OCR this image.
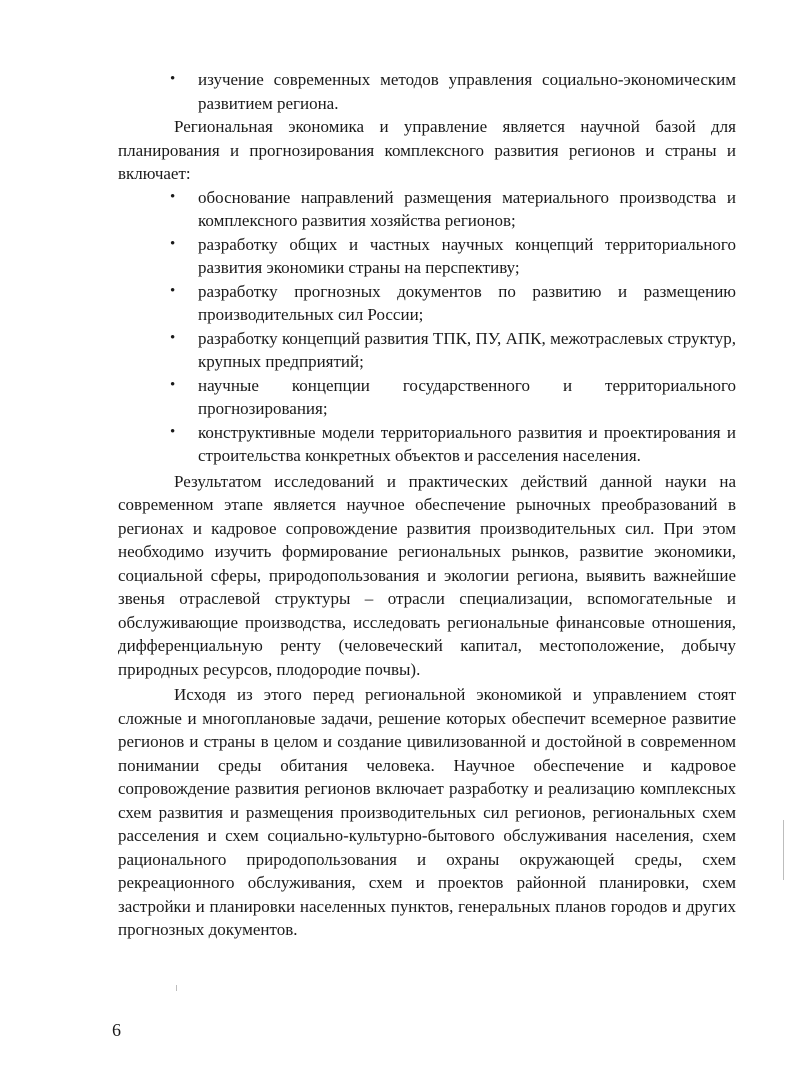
• изучение современных методов управления социально-экономическим развитием региона.

Региональная экономика и управление является научной базой для планирования и прогнозирования комплексного развития регионов и страны и включает:

• обоснование направлений размещения материального производства и комплексного развития хозяйства регионов;
• разработку общих и частных научных концепций территориального развития экономики страны на перспективу;
• разработку прогнозных документов по развитию и размещению производительных сил России;
• разработку концепций развития ТПК, ПУ, АПК, межотраслевых структур, крупных предприятий;
• научные концепции государственного и территориального прогнозирования;
• конструктивные модели территориального развития и проектирования и строительства конкретных объектов и расселения населения.

Результатом исследований и практических действий данной науки на современном этапе является научное обеспечение рыночных преобразований в регионах и кадровое сопровождение развития производительных сил. При этом необходимо изучить формирование региональных рынков, развитие экономики, социальной сферы, природопользования и экологии региона, выявить важнейшие звенья отраслевой структуры – отрасли специализации, вспомогательные и обслуживающие производства, исследовать региональные финансовые отношения, дифференциальную ренту (человеческий капитал, местоположение, добычу природных ресурсов, плодородие почвы).

Исходя из этого перед региональной экономикой и управлением стоят сложные и многоплановые задачи, решение которых обеспечит всемерное развитие регионов и страны в целом и создание цивилизованной и достойной в современном понимании среды обитания человека. Научное обеспечение и кадровое сопровождение развития регионов включает разработку и реализацию комплексных схем развития и размещения производительных сил регионов, региональных схем расселения и схем социально-культурно-бытового обслуживания населения, схем рационального природопользования и охраны окружающей среды, схем рекреационного обслуживания, схем и проектов районной планировки, схем застройки и планировки населенных пунктов, генеральных планов городов и других прогнозных документов.

6
